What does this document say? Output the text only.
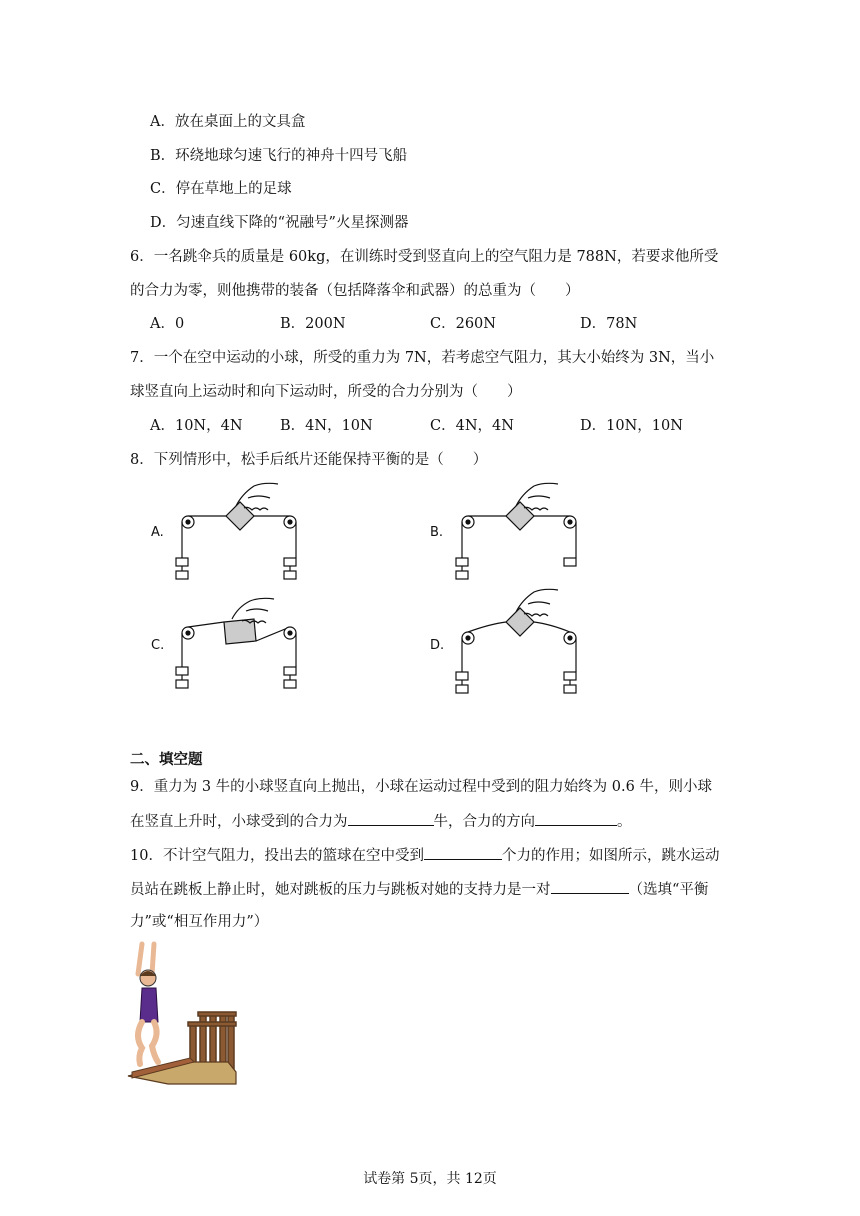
A．放在桌面上的文具盒
B．环绕地球匀速飞行的神舟十四号飞船
C．停在草地上的足球
D．匀速直线下降的“祝融号”火星探测器
6．一名跳伞兵的质量是 60kg，在训练时受到竖直向上的空气阻力是 788N，若要求他所受
的合力为零，则他携带的装备（包括降落伞和武器）的总重为（　　）
A．0	B．200N	C．260N	D．78N
7．一个在空中运动的小球，所受的重力为 7N，若考虑空气阻力，其大小始终为 3N，当小
球竖直向上运动时和向下运动时，所受的合力分别为（　　）
A．10N，4N	B．4N，10N	C．4N，4N	D．10N，10N
8．下列情形中，松手后纸片还能保持平衡的是（　　）
A.	B.
C.	D.
二、填空题
9．重力为 3 牛的小球竖直向上抛出，小球在运动过程中受到的阻力始终为 0.6 牛，则小球
在竖直上升时，小球受到的合力为	牛，合力的方向	。
10．不计空气阻力，投出去的篮球在空中受到	个力的作用；如图所示，跳水运动
员站在跳板上静止时，她对跳板的压力与跳板对她的支持力是一对	（选填“平衡
力”或“相互作用力”）
试卷第 5页，共 12页
